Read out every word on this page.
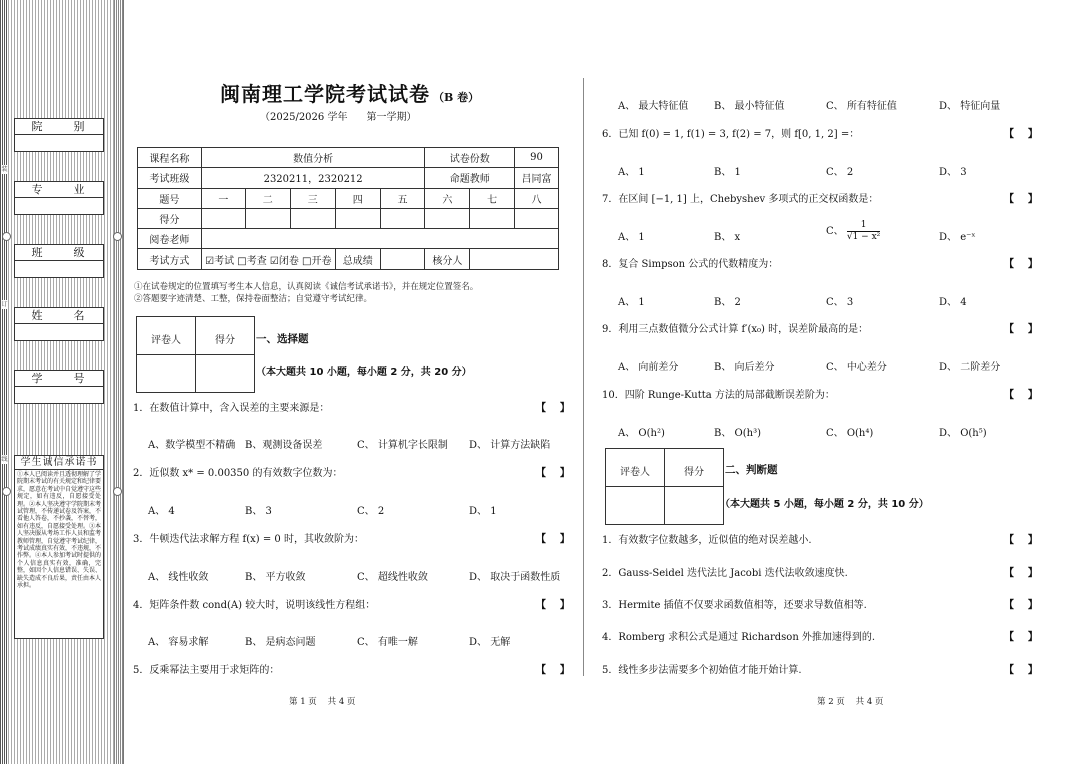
装
订
线
院　别
专　业
班　级
姓　名
学　号
学生诚信承诺书
①本人已阅读并且透彻理解了学院期末考试的有关规定和纪律要求，愿意在考试中自觉遵守这些规定，如有违反，自愿接受处理。②本人坚决遵守学院期末考试管理，不传递试卷及答案，不看他人答卷，不抄袭，不替考，如有违反，自愿接受处理。③本人坚决服从考场工作人员和监考教师管理，自觉遵守考试纪律，考试成绩真实有效，不违规，不作弊。④本人参加考试时提供的个人信息真实有效，准确，完整，如因个人信息错误、失误、缺失造成不良后果，责任由本人承担。
闽南理工学院考试试卷 （B 卷）
（2025/2026 学年      第一学期）
课程名称	数值分析					试卷份数		90
考试班级	2320211，2320212					命题教师		吕同富
题号	一	二	三	四	五	六	七	八
得分								
阅卷老师								
考试方式	☑考试 □考查 ☑闭卷 □开卷			总成绩		核分人		
①在试卷规定的位置填写考生本人信息，认真阅读《诚信考试承诺书》，并在规定位置签名。
②答题要字迹清楚、工整，保持卷面整洁；自觉遵守考试纪律。
评卷人	得分	一、选择题
（本大题共 10 小题，每小题 2 分，共 20 分）
1．在数值计算中，含入误差的主要来源是：	【    】
A、数学模型不精确 B、观测设备误差	C、 计算机字长限制 D、 计算方法缺陷
2．近似数 x* = 0.00350 的有效数字位数为：	【    】
A、 4	B、 3	C、 2	D、 1
3．牛顿迭代法求解方程 f(x) = 0 时，其收敛阶为：	【    】
A、 线性收敛	B、 平方收敛	C、 超线性收敛	D、 取决于函数性质
4．矩阵条件数 cond(A) 较大时，说明该线性方程组：	【    】
A、 容易求解	B、 是病态问题	C、 有唯一解	D、 无解
5．反乘幂法主要用于求矩阵的：	【    】
第 1 页    共 4 页
A、 最大特征值	B、 最小特征值	C、 所有特征值	D、 特征向量
6．已知 f(0) = 1, f(1) = 3, f(2) = 7，则 f[0, 1, 2] =：	【    】
A、 1	B、 1	C、 2	D、 3
7．在区间 [−1, 1] 上，Chebyshev 多项式的正交权函数是：	【    】
A、 1	B、 x
C、 $\frac{1}{\text{√1 − x²}}$	D、 e⁻ˣ
8．复合 Simpson 公式的代数精度为：	【    】
A、 1	B、 2	C、 3	D、 4
9．利用三点数值微分公式计算 f′(x₀) 时，误差阶最高的是：	【    】
A、 向前差分	B、 向后差分	C、 中心差分	D、 二阶差分
10．四阶 Runge-Kutta 方法的局部截断误差阶为：	【    】
A、 O(h²)	B、 O(h³)	C、 O(h⁴)	D、 O(h⁵)
评卷人	得分	二、判断题
（本大题共 5 小题，每小题 2 分，共 10 分）
1．有效数字位数越多，近似值的绝对误差越小.	【    】
2．Gauss-Seidel 迭代法比 Jacobi 迭代法收敛速度快.	【    】
3．Hermite 插值不仅要求函数值相等，还要求导数值相等.	【    】
4．Romberg 求积公式是通过 Richardson 外推加速得到的.	【    】
5．线性多步法需要多个初始值才能开始计算.	【    】
第 2 页    共 4 页
